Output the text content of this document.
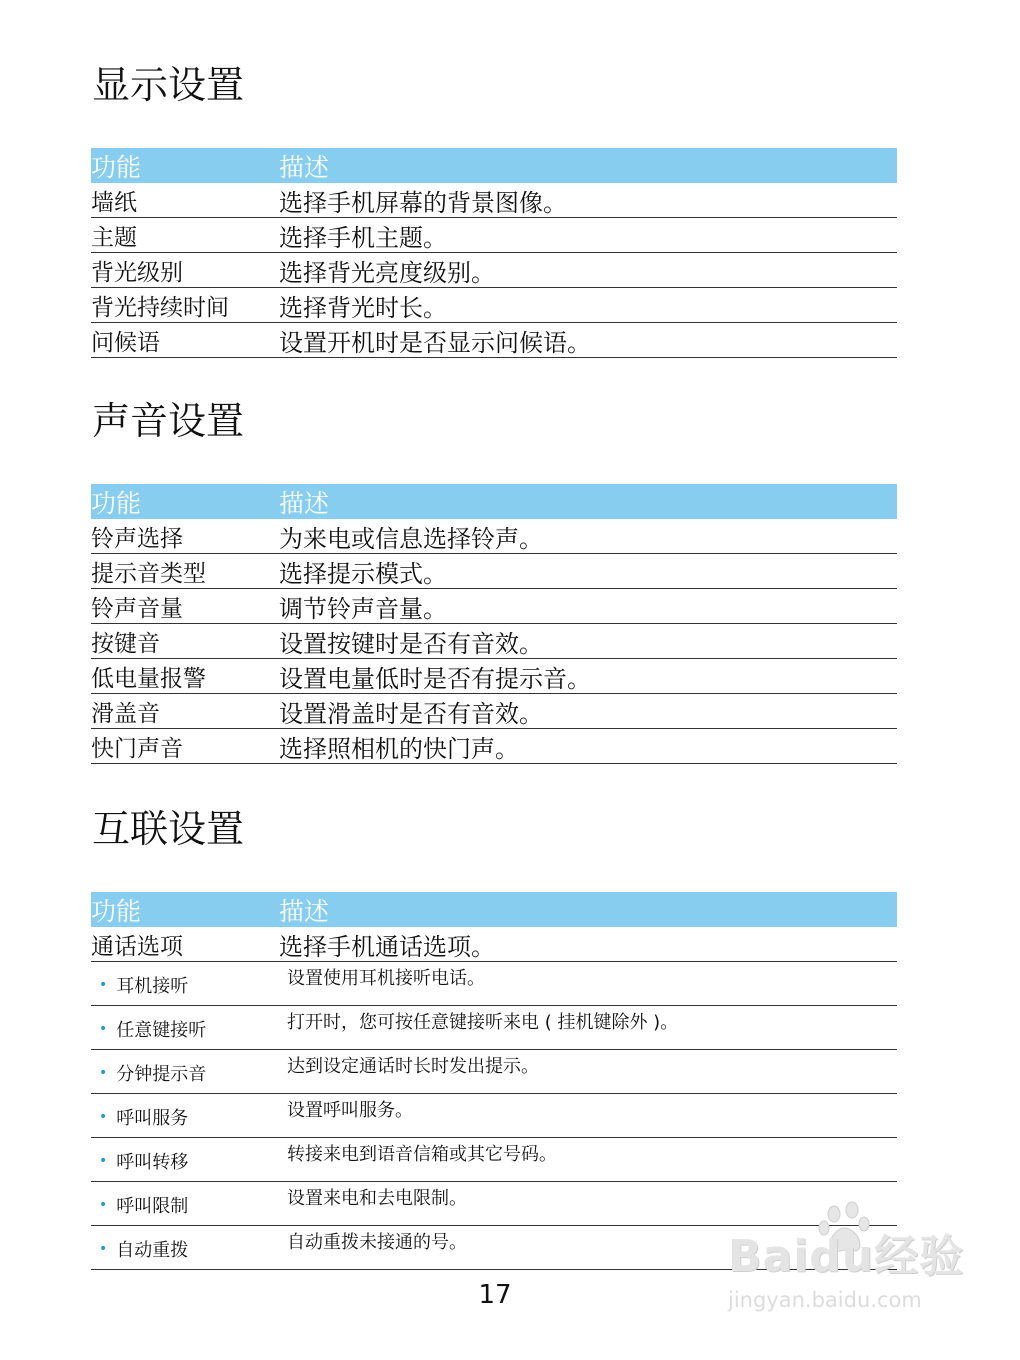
显示设置
功能	描述
墙纸	选择手机屏幕的背景图像。
主题	选择手机主题。
背光级别	选择背光亮度级别。
背光持续时间	选择背光时长。
问候语	设置开机时是否显示问候语。
声音设置
功能	描述
铃声选择	为来电或信息选择铃声。
提示音类型	选择提示模式。
铃声音量	调节铃声音量。
按键音	设置按键时是否有音效。
低电量报警	设置电量低时是否有提示音。
滑盖音	设置滑盖时是否有音效。
快门声音	选择照相机的快门声。
互联设置
功能	描述
通话选项	选择手机通话选项。
• 耳机接听	设置使用耳机接听电话。
• 任意键接听	打开时，您可按任意键接听来电 ( 挂机键除外 )。
• 分钟提示音	达到设定通话时长时发出提示。
• 呼叫服务	设置呼叫服务。
• 呼叫转移	转接来电到语音信箱或其它号码。
• 呼叫限制	设置来电和去电限制。
• 自动重拨	自动重拨未接通的号。
17
Baidu经验
jingyan.baidu.com
